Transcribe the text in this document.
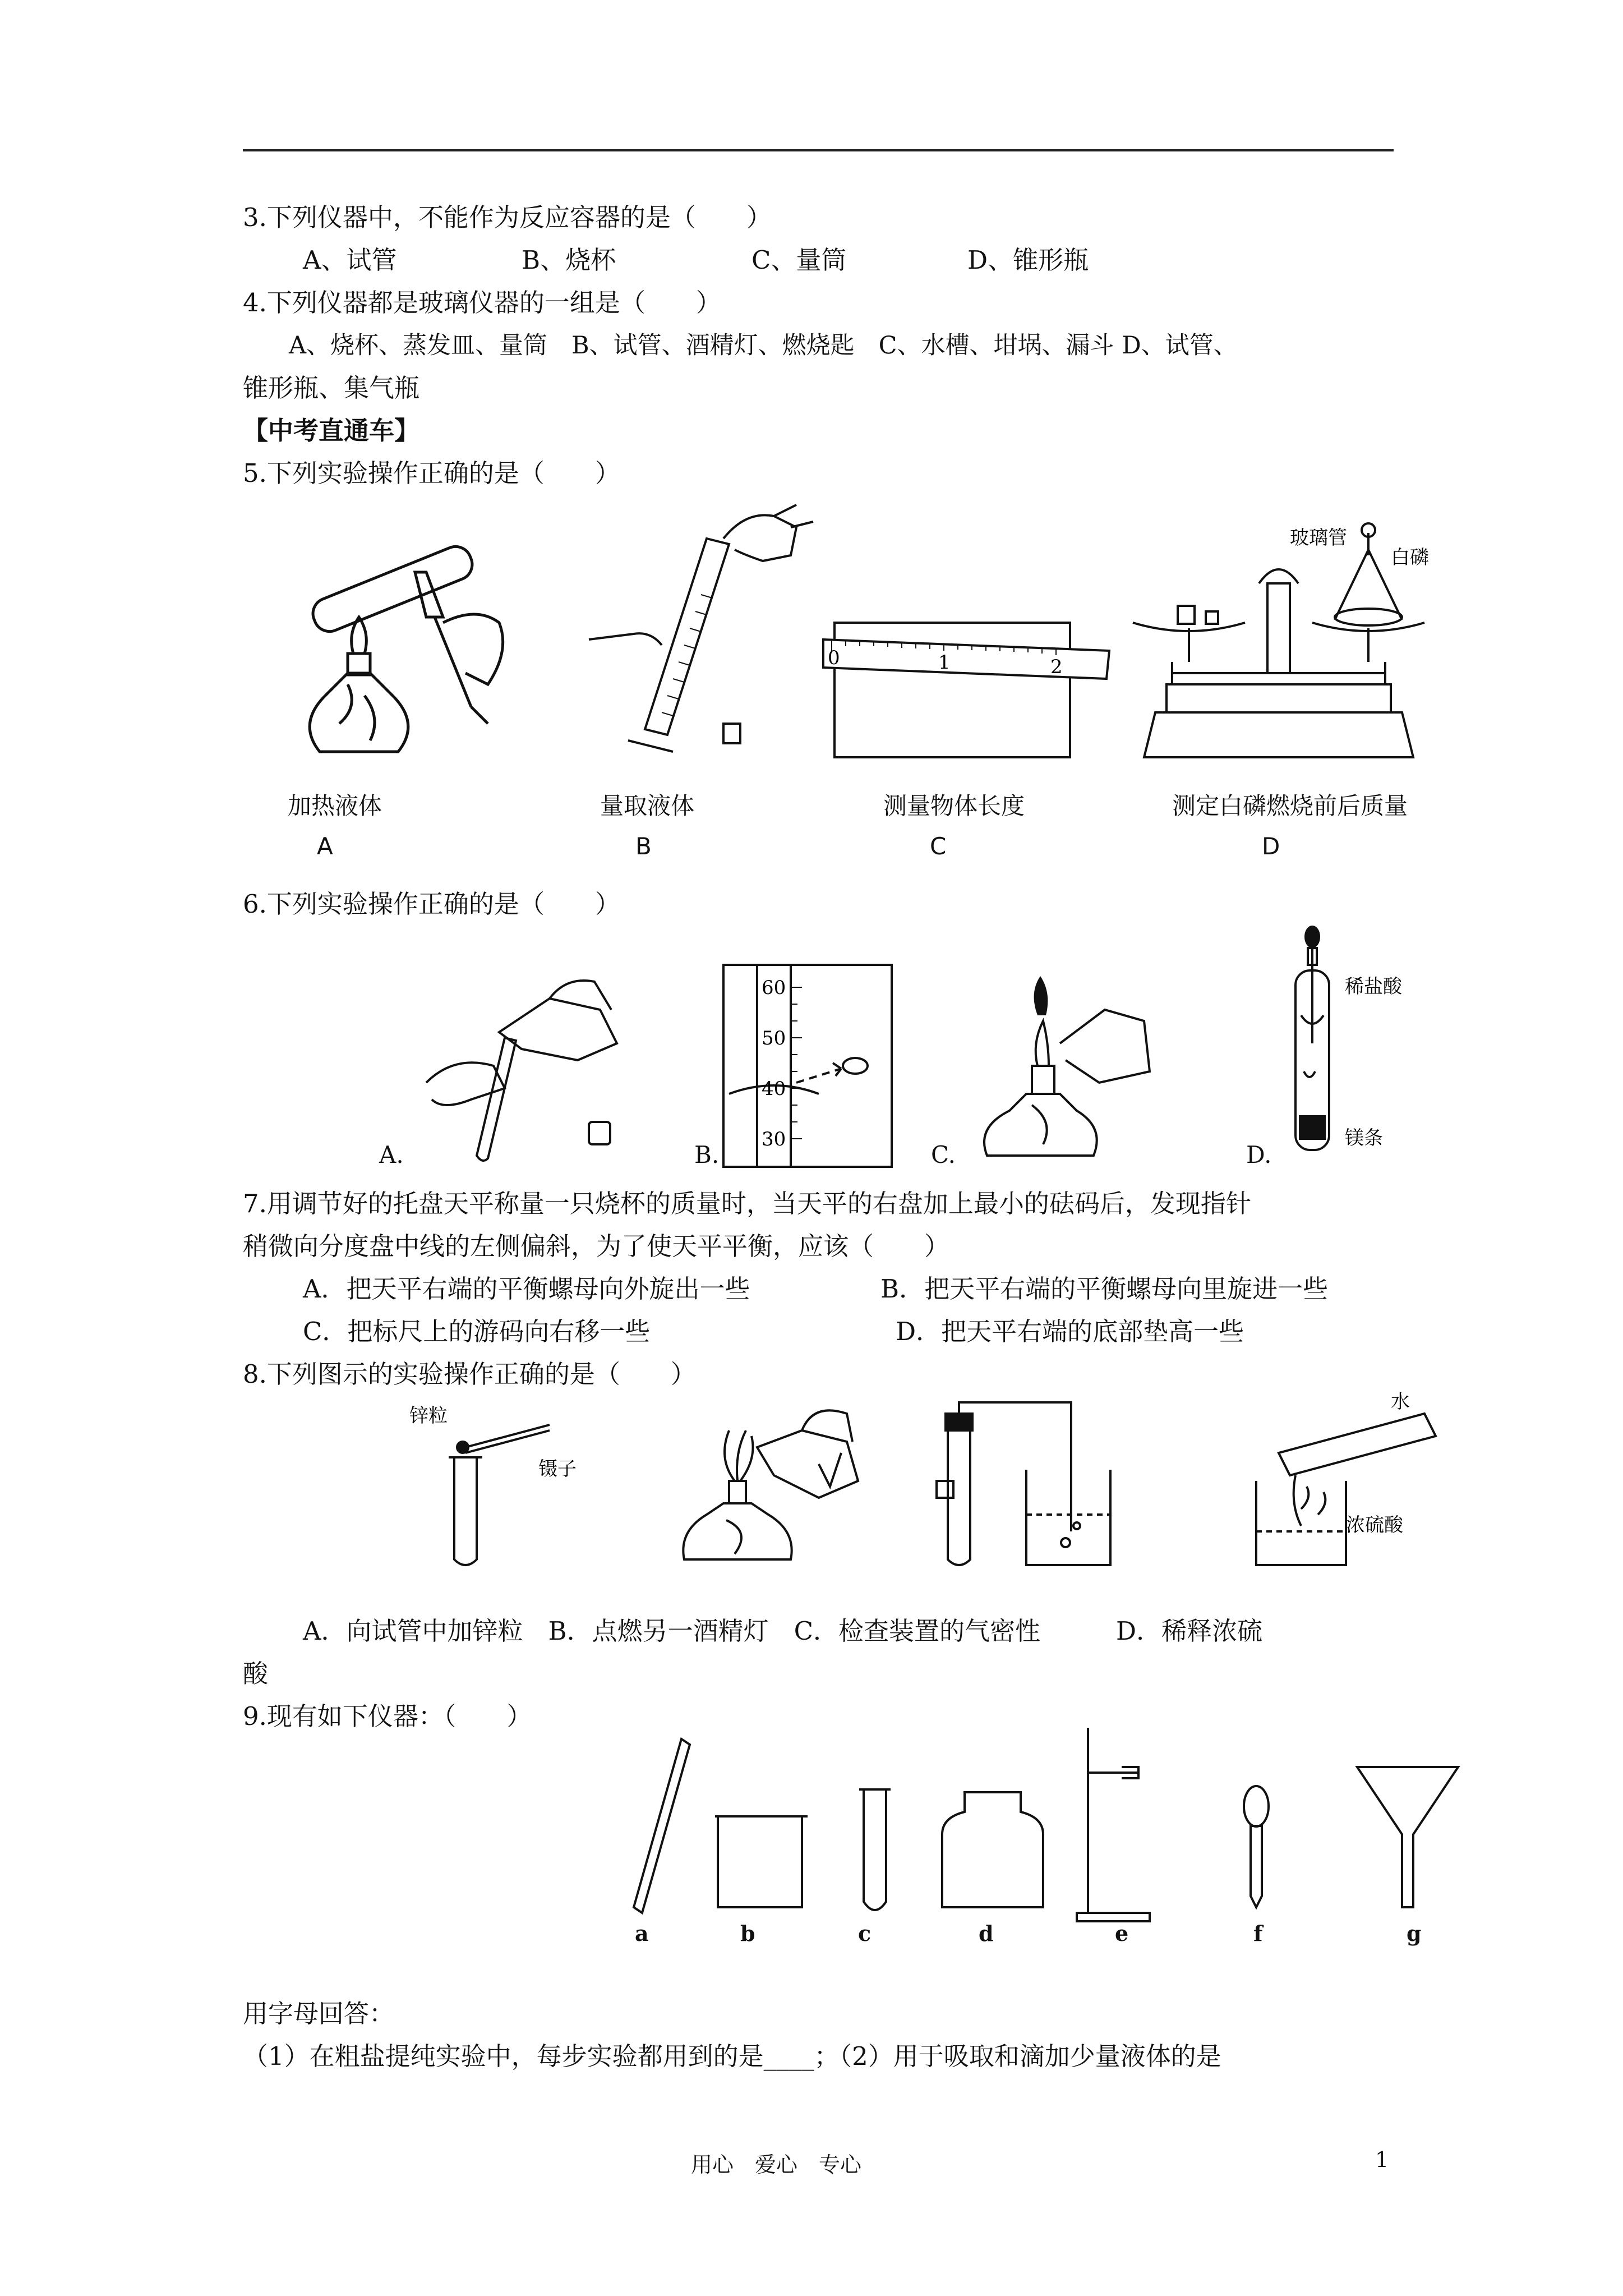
3.下列仪器中，不能作为反应容器的是（　　）
A、试管	B、烧杯	C、量筒	D、锥形瓶
4.下列仪器都是玻璃仪器的一组是（　　）
A、烧杯、蒸发皿、量筒　B、试管、酒精灯、燃烧匙　C、水槽、坩埚、漏斗 D、试管、
锥形瓶、集气瓶
【中考直通车】
5.下列实验操作正确的是（　　）
加热液体
A
量取液体
B
0	1	2
测量物体长度
C
玻璃管
白磷
测定白磷燃烧前后质量
D
6.下列实验操作正确的是（　　）
A.
60
50
40
30
B.	C.
稀盐酸
镁条
D.
7.用调节好的托盘天平称量一只烧杯的质量时，当天平的右盘加上最小的砝码后，发现指针
稍微向分度盘中线的左侧偏斜，为了使天平平衡，应该（　　）
A．把天平右端的平衡螺母向外旋出一些	B．把天平右端的平衡螺母向里旋进一些
C．把标尺上的游码向右移一些	D．把天平右端的底部垫高一些
8.下列图示的实验操作正确的是（　　）
锌粒
镊子
水
浓硫酸
A．向试管中加锌粒　B．点燃另一酒精灯　C．检查装置的气密性　　　D．稀释浓硫
酸
9.现有如下仪器：（　　）
a	b	c	d	e	f	g
用字母回答：
（1）在粗盐提纯实验中，每步实验都用到的是____；（2）用于吸取和滴加少量液体的是
用心　爱心　专心	1
